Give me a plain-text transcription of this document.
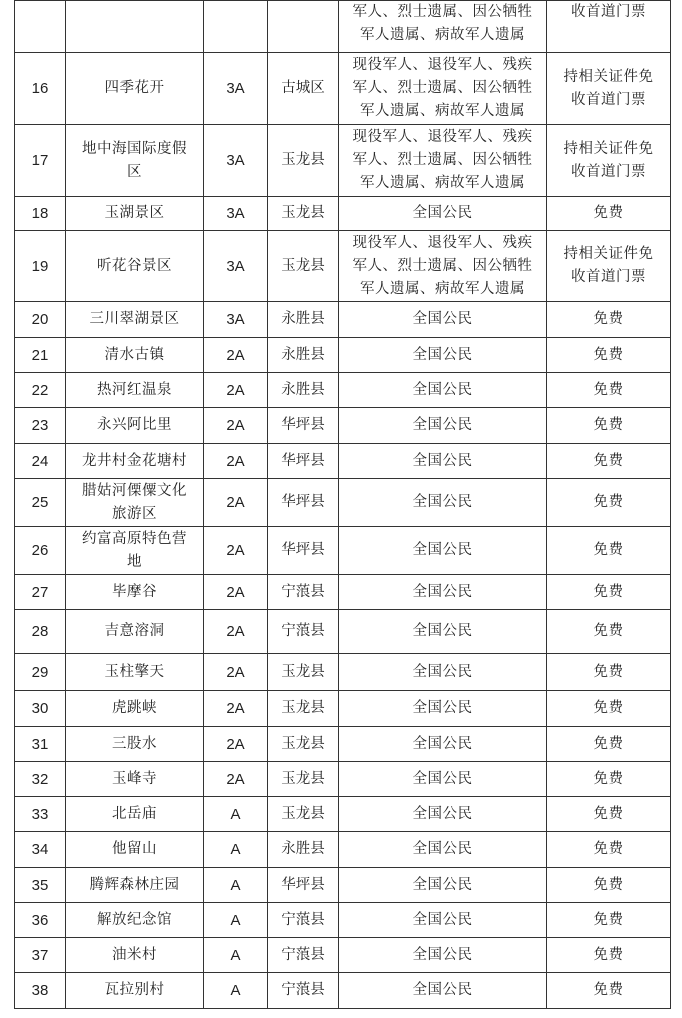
				军人、烈士遗属、因公牺牲
军人遗属、病故军人遗属	收首道门票
16	四季花开	3A	古城区	现役军人、退役军人、残疾
军人、烈士遗属、因公牺牲
军人遗属、病故军人遗属	持相关证件免
收首道门票
17	地中海国际度假
区	3A	玉龙县	现役军人、退役军人、残疾
军人、烈士遗属、因公牺牲
军人遗属、病故军人遗属	持相关证件免
收首道门票
18	玉湖景区	3A	玉龙县	全国公民	免费
19	听花谷景区	3A	玉龙县	现役军人、退役军人、残疾
军人、烈士遗属、因公牺牲
军人遗属、病故军人遗属	持相关证件免
收首道门票
20	三川翠湖景区	3A	永胜县	全国公民	免费
21	清水古镇	2A	永胜县	全国公民	免费
22	热河红温泉	2A	永胜县	全国公民	免费
23	永兴阿比里	2A	华坪县	全国公民	免费
24	龙井村金花塘村	2A	华坪县	全国公民	免费
25	腊姑河傈僳文化
旅游区	2A	华坪县	全国公民	免费
26	约富高原特色营
地	2A	华坪县	全国公民	免费
27	毕摩谷	2A	宁蒗县	全国公民	免费
28	吉意溶洞	2A	宁蒗县	全国公民	免费
29	玉柱擎天	2A	玉龙县	全国公民	免费
30	虎跳峡	2A	玉龙县	全国公民	免费
31	三股水	2A	玉龙县	全国公民	免费
32	玉峰寺	2A	玉龙县	全国公民	免费
33	北岳庙	A	玉龙县	全国公民	免费
34	他留山	A	永胜县	全国公民	免费
35	腾辉森林庄园	A	华坪县	全国公民	免费
36	解放纪念馆	A	宁蒗县	全国公民	免费
37	油米村	A	宁蒗县	全国公民	免费
38	瓦拉别村	A	宁蒗县	全国公民	免费
